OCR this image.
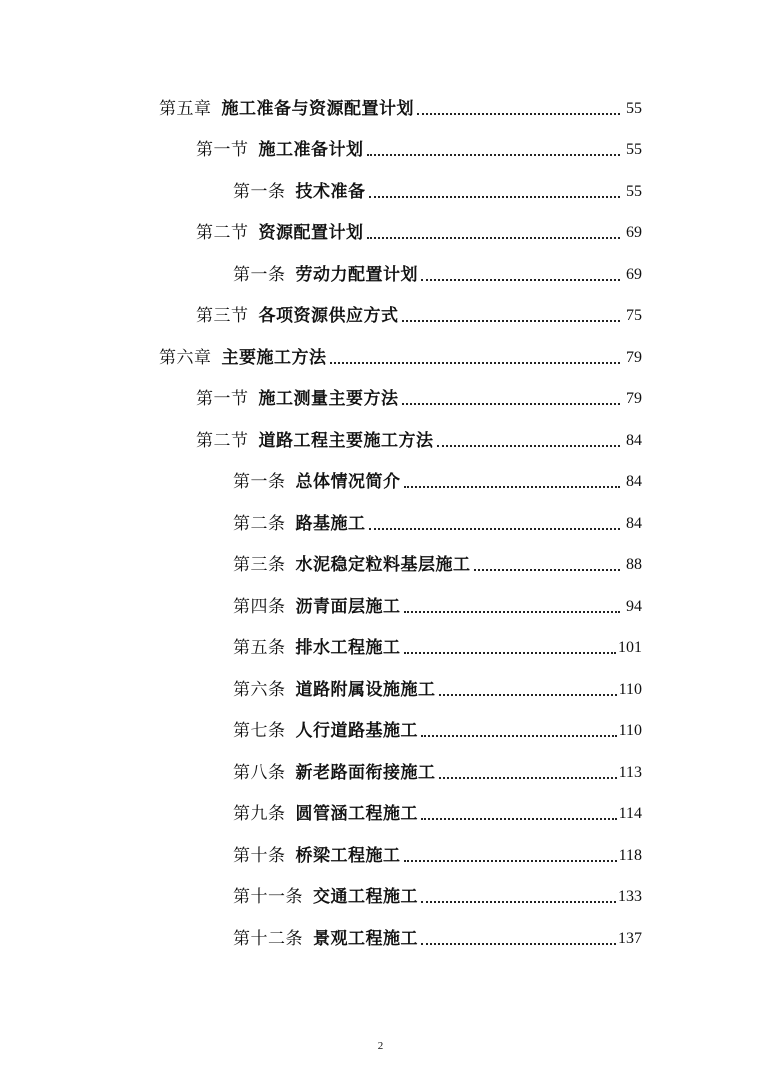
第五章 施工准备与资源配置计划	55
第一节 施工准备计划	55
第一条 技术准备	55
第二节 资源配置计划	69
第一条 劳动力配置计划	69
第三节 各项资源供应方式	75
第六章 主要施工方法	79
第一节 施工测量主要方法	79
第二节 道路工程主要施工方法	84
第一条 总体情况简介	84
第二条 路基施工	84
第三条 水泥稳定粒料基层施工	88
第四条 沥青面层施工	94
第五条 排水工程施工	101
第六条 道路附属设施施工	110
第七条 人行道路基施工	110
第八条 新老路面衔接施工	113
第九条 圆管涵工程施工	114
第十条 桥梁工程施工	118
第十一条 交通工程施工	133
第十二条 景观工程施工	137
2
